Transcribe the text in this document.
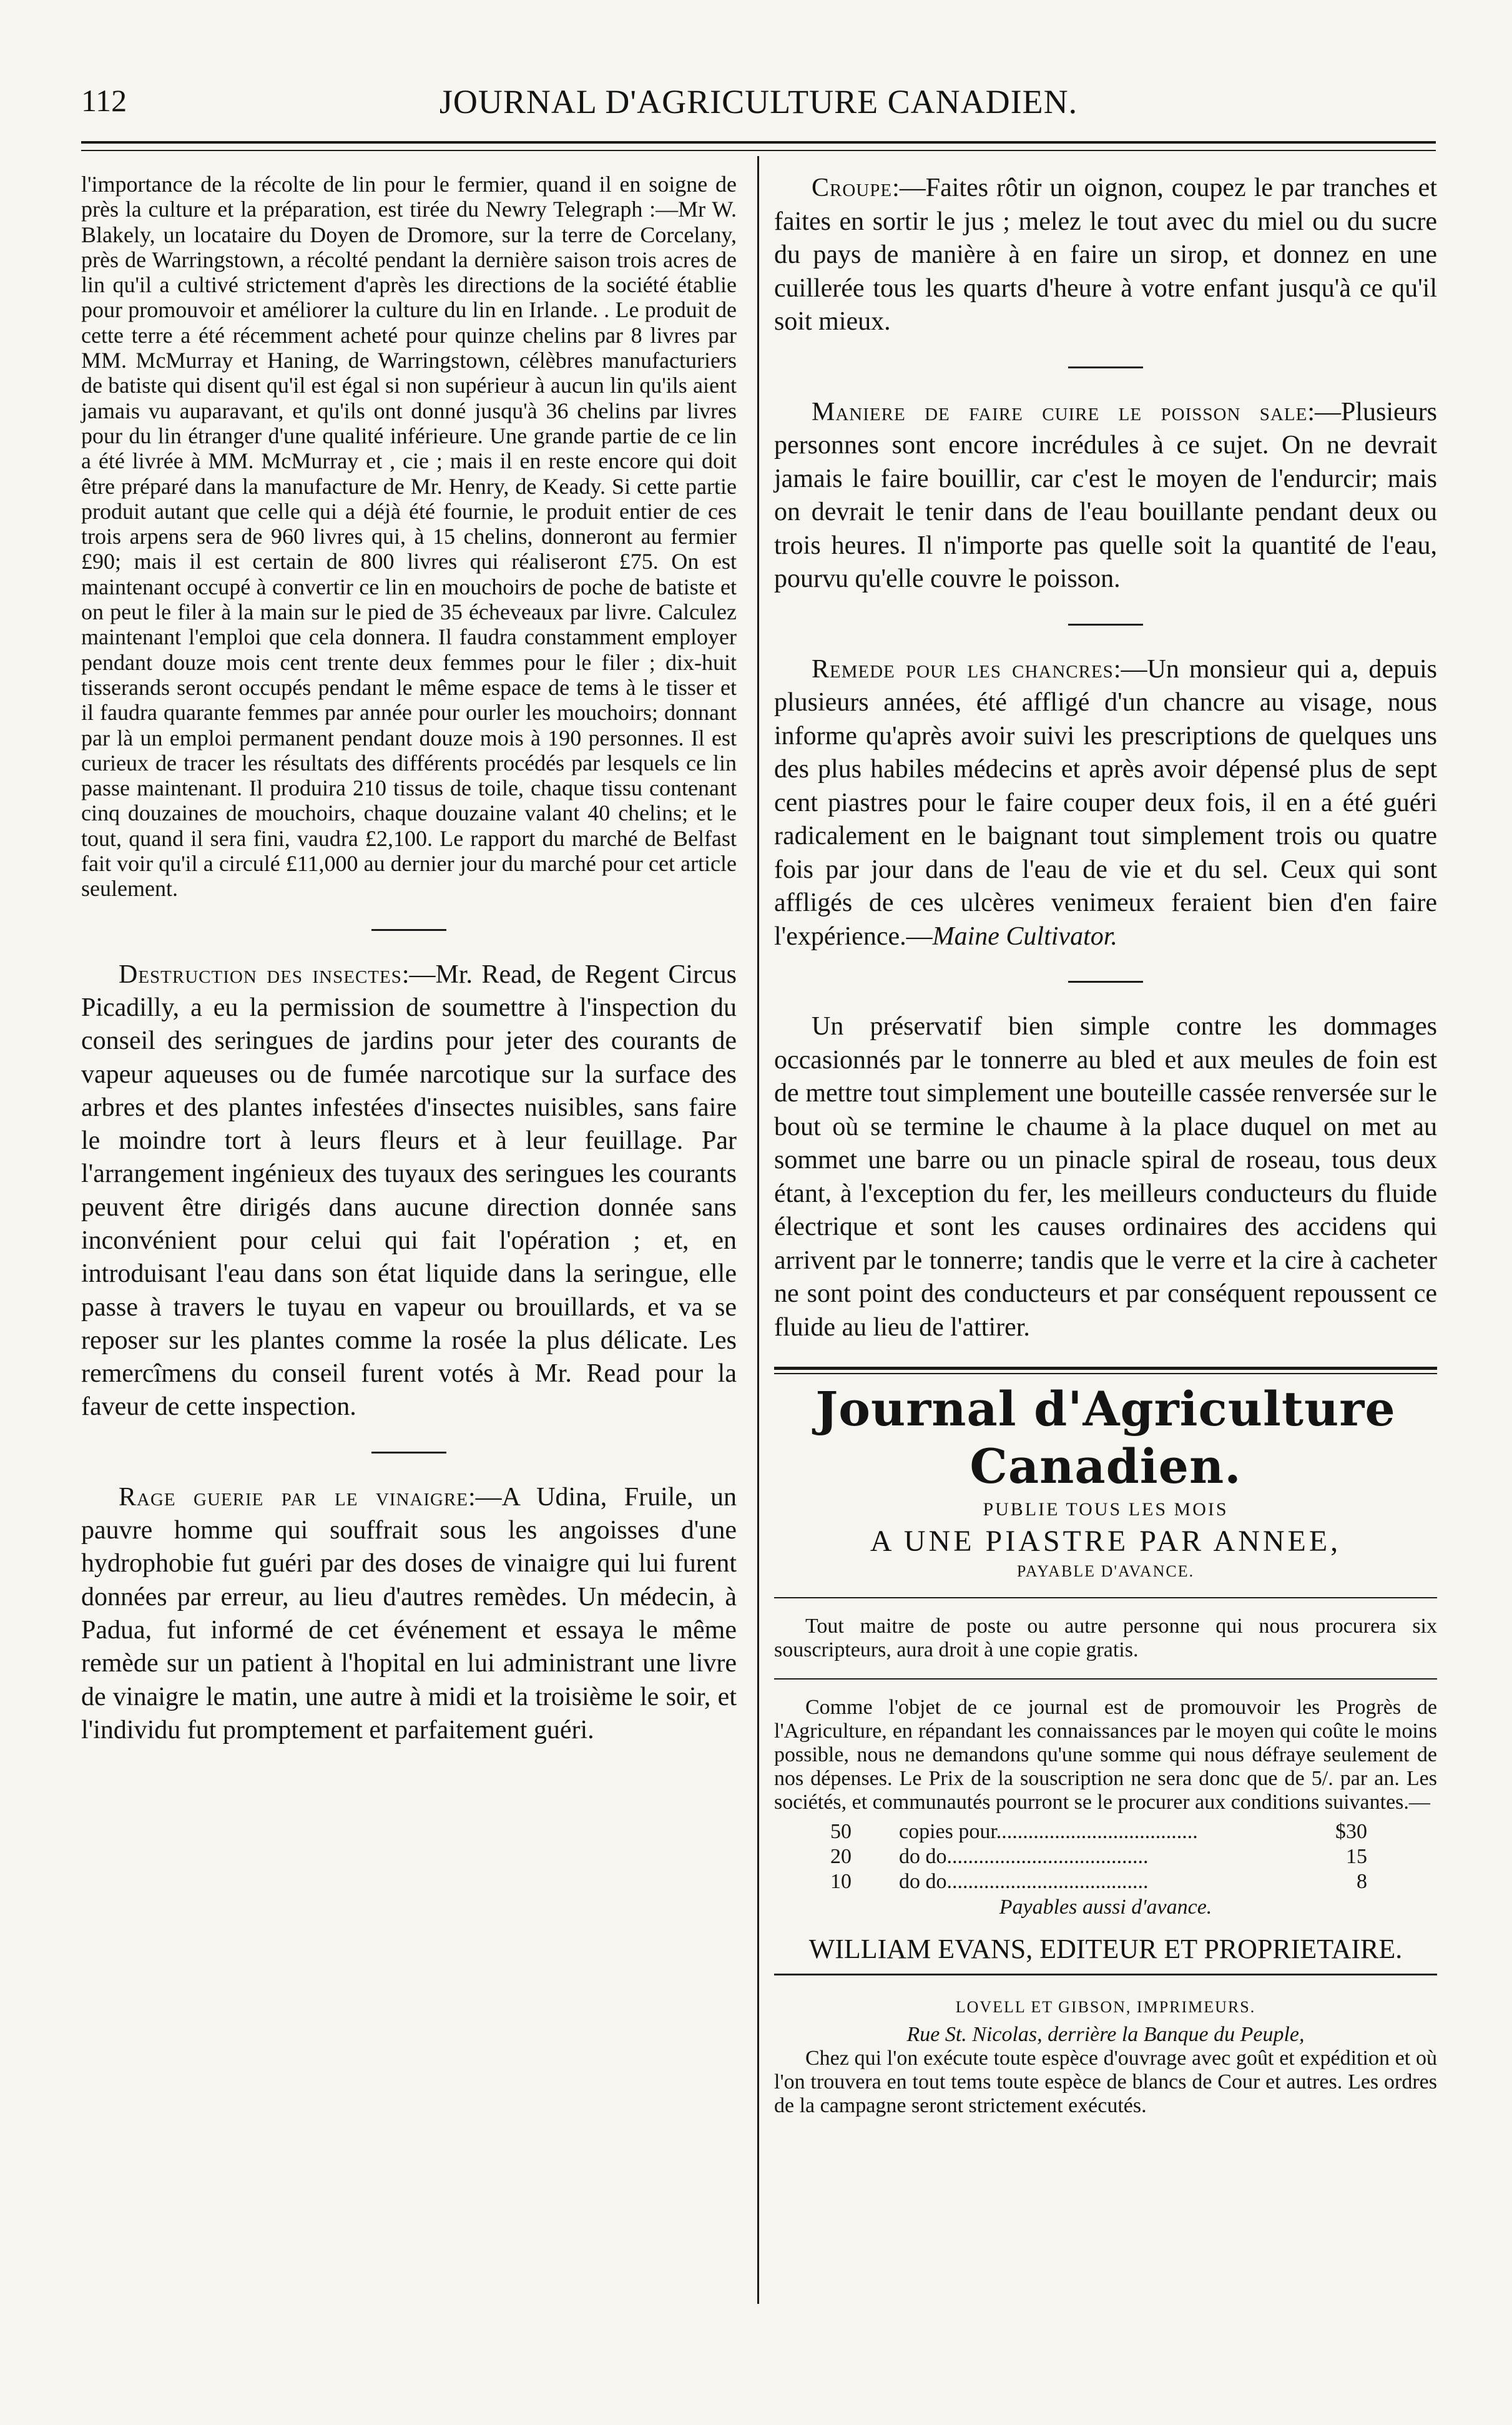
112	JOURNAL D'AGRICULTURE CANADIEN.

l'importance de la récolte de lin pour le fermier, quand il en soigne de près la culture et la préparation, est tirée du Newry Telegraph :—Mr W. Blakely, un locataire du Doyen de Dromore, sur la terre de Corcelany, près de Warringstown, a récolté pendant la dernière saison trois acres de lin qu'il a cultivé strictement d'après les directions de la société établie pour promouvoir et améliorer la culture du lin en Irlande. . Le produit de cette terre a été récemment acheté pour quinze chelins par 8 livres par MM. McMurray et Haning, de Warringstown, célèbres manufacturiers de batiste qui disent qu'il est égal si non supérieur à aucun lin qu'ils aient jamais vu auparavant, et qu'ils ont donné jusqu'à 36 chelins par livres pour du lin étranger d'une qualité inférieure. Une grande partie de ce lin a été livrée à MM. McMurray et , cie ; mais il en reste encore qui doit être préparé dans la manufacture de Mr. Henry, de Keady. Si cette partie produit autant que celle qui a déjà été fournie, le produit entier de ces trois arpens sera de 960 livres qui, à 15 chelins, donneront au fermier £90; mais il est certain de 800 livres qui réaliseront £75. On est maintenant occupé à convertir ce lin en mouchoirs de poche de batiste et on peut le filer à la main sur le pied de 35 écheveaux par livre. Calculez maintenant l'emploi que cela donnera. Il faudra constamment employer pendant douze mois cent trente deux femmes pour le filer ; dix-huit tisserands seront occupés pendant le même espace de tems à le tisser et il faudra quarante femmes par année pour ourler les mouchoirs; donnant par là un emploi permanent pendant douze mois à 190 personnes. Il est curieux de tracer les résultats des différents procédés par lesquels ce lin passe maintenant. Il produira 210 tissus de toile, chaque tissu contenant cinq douzaines de mouchoirs, chaque douzaine valant 40 chelins; et le tout, quand il sera fini, vaudra £2,100. Le rapport du marché de Belfast fait voir qu'il a circulé £11,000 au dernier jour du marché pour cet article seulement.

Destruction des insectes:—Mr. Read, de Regent Circus Picadilly, a eu la permission de soumettre à l'inspection du conseil des seringues de jardins pour jeter des courants de vapeur aqueuses ou de fumée narcotique sur la surface des arbres et des plantes infestées d'insectes nuisibles, sans faire le moindre tort à leurs fleurs et à leur feuillage. Par l'arrangement ingénieux des tuyaux des seringues les courants peuvent être dirigés dans aucune direction donnée sans inconvénient pour celui qui fait l'opération ; et, en introduisant l'eau dans son état liquide dans la seringue, elle passe à travers le tuyau en vapeur ou brouillards, et va se reposer sur les plantes comme la rosée la plus délicate. Les remercîmens du conseil furent votés à Mr. Read pour la faveur de cette inspection.

Rage guerie par le vinaigre:—A Udina, Fruile, un pauvre homme qui souffrait sous les angoisses d'une hydrophobie fut guéri par des doses de vinaigre qui lui furent données par erreur, au lieu d'autres remèdes. Un médecin, à Padua, fut informé de cet événement et essaya le même remède sur un patient à l'hopital en lui administrant une livre de vinaigre le matin, une autre à midi et la troisième le soir, et l'individu fut promptement et parfaitement guéri.

Croupe:—Faites rôtir un oignon, coupez le par tranches et faites en sortir le jus ; melez le tout avec du miel ou du sucre du pays de manière à en faire un sirop, et donnez en une cuillerée tous les quarts d'heure à votre enfant jusqu'à ce qu'il soit mieux.

Maniere de faire cuire le poisson sale:—Plusieurs personnes sont encore incrédules à ce sujet. On ne devrait jamais le faire bouillir, car c'est le moyen de l'endurcir; mais on devrait le tenir dans de l'eau bouillante pendant deux ou trois heures. Il n'importe pas quelle soit la quantité de l'eau, pourvu qu'elle couvre le poisson.

Remede pour les chancres:—Un monsieur qui a, depuis plusieurs années, été affligé d'un chancre au visage, nous informe qu'après avoir suivi les prescriptions de quelques uns des plus habiles médecins et après avoir dépensé plus de sept cent piastres pour le faire couper deux fois, il en a été guéri radicalement en le baignant tout simplement trois ou quatre fois par jour dans de l'eau de vie et du sel. Ceux qui sont affligés de ces ulcères venimeux feraient bien d'en faire l'expérience.—Maine Cultivator.

Un préservatif bien simple contre les dommages occasionnés par le tonnerre au bled et aux meules de foin est de mettre tout simplement une bouteille cassée renversée sur le bout où se termine le chaume à la place duquel on met au sommet une barre ou un pinacle spiral de roseau, tous deux étant, à l'exception du fer, les meilleurs conducteurs du fluide électrique et sont les causes ordinaires des accidens qui arrivent par le tonnerre; tandis que le verre et la cire à cacheter ne sont point des conducteurs et par conséquent repoussent ce fluide au lieu de l'attirer.

Journal d'Agriculture Canadien.
PUBLIE TOUS LES MOIS
A UNE PIASTRE PAR ANNEE,
PAYABLE D'AVANCE.

Tout maitre de poste ou autre personne qui nous procurera six souscripteurs, aura droit à une copie gratis.

Comme l'objet de ce journal est de promouvoir les Progrès de l'Agriculture, en répandant les connaissances par le moyen qui coûte le moins possible, nous ne demandons qu'une somme qui nous défraye seulement de nos dépenses. Le Prix de la souscription ne sera donc que de 5/. par an. Les sociétés, et communautés pourront se le procurer aux conditions suivantes.—

50	copies pour......................................	$30
20	do do......................................	15
10	do do......................................	8
Payables aussi d'avance.
WILLIAM EVANS, EDITEUR ET PROPRIETAIRE.
LOVELL ET GIBSON, IMPRIMEURS.
Rue St. Nicolas, derrière la Banque du Peuple,

Chez qui l'on exécute toute espèce d'ouvrage avec goût et expédition et où l'on trouvera en tout tems toute espèce de blancs de Cour et autres. Les ordres de la campagne seront strictement exécutés.
